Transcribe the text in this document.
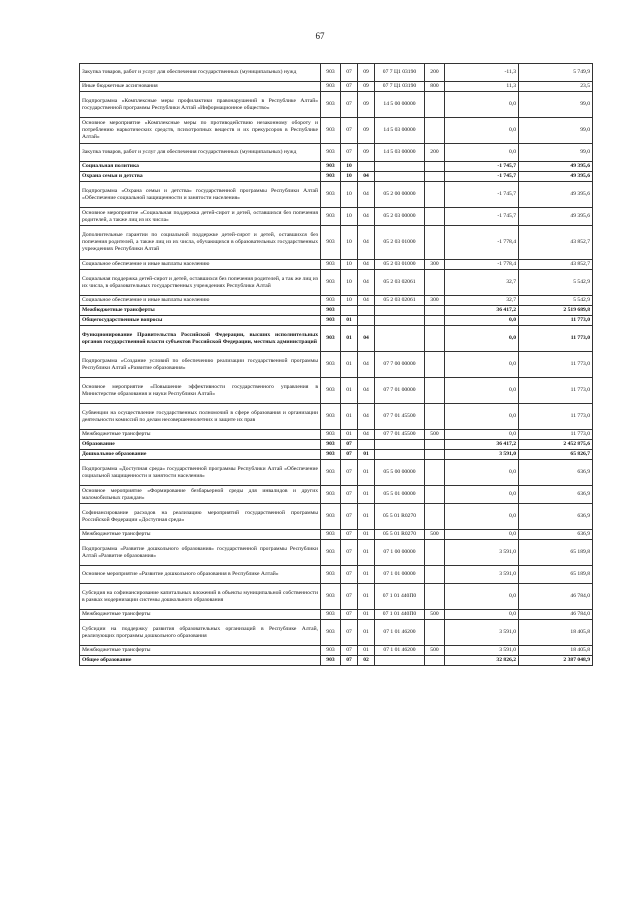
67
Закупка товаров, работ и услуг для обеспечения государственных (муниципальных) нужд	903	07	09	07 7 Ц1 03190	200	-11,3	5 749,9
Иные бюджетные ассигнования	903	07	09	07 7 Ц1 03190	800	11,3	23,5
Подпрограмма «Комплексные меры профилактики правонарушений в Республике Алтай» государственной программы Республики Алтай «Информационное общество»	903	07	09	14 5 00 00000		0,0	99,0
Основное мероприятие «Комплексные меры по противодействию незаконному обороту и потреблению наркотических средств, психотропных веществ и их прекурсоров в Республике Алтай»	903	07	09	14 5 03 00000		0,0	99,0
Закупка товаров, работ и услуг для обеспечения государственных (муниципальных) нужд	903	07	09	14 5 03 00000	200	0,0	99,0
Социальная политика	903	10				-1 745,7	49 395,6
Охрана семьи и детства	903	10	04			-1 745,7	49 395,6
Подпрограмма «Охрана семьи и детства» государственной программы Республики Алтай «Обеспечение социальной защищенности и занятости населения»	903	10	04	05 2 00 00000		-1 745,7	49 395,6
Основное мероприятие «Социальная поддержка детей-сирот и детей, оставшихся без попечения родителей, а также лиц из их числа»	903	10	04	05 2 03 00000		-1 745,7	49 395,6
Дополнительные гарантии по социальной поддержке детей-сирот и детей, оставшихся без попечения родителей, а также лиц из их числа, обучающихся в образовательных государственных учреждениях Республики Алтай	903	10	04	05 2 03 01000		-1 778,4	43 852,7
Социальное обеспечение и иные выплаты населению	903	10	04	05 2 03 01000	300	-1 778,4	43 852,7
Социальная поддержка детей-сирот и детей, оставшихся без попечения родителей, а так же лиц из их числа, в образовательных государственных учреждениях Республики Алтай	903	10	04	05 2 03 02061		32,7	5 542,9
Социальное обеспечение и иные выплаты населению	903	10	04	05 2 03 02061	300	32,7	5 542,9
Межбюджетные трансферты	903					36 417,2	2 519 689,8
Общегосударственные вопросы	903	01				0,0	11 773,0
Функционирование Правительства Российской Федерации, высших исполнительных органов государственной власти субъектов Российской Федерации, местных администраций	903	01	04			0,0	11 773,0
Подпрограмма «Создание условий по обеспечению реализации государственной программы Республики Алтай «Развитие образования»	903	01	04	07 7 00 00000		0,0	11 773,0
Основное мероприятие «Повышение эффективности государственного управления в Министерстве образования и науки Республики Алтай»	903	01	04	07 7 01 00000		0,0	11 773,0
Субвенции на осуществление государственных полномочий в сфере образования и организации деятельности комиссий по делам несовершеннолетних и защите их прав	903	01	04	07 7 01 45500		0,0	11 773,0
Межбюджетные трансферты	903	01	04	07 7 01 45500	500	0,0	11 773,0
Образование	903	07				36 417,2	2 452 875,6
Дошкольное образование	903	07	01			3 591,0	65 826,7
Подпрограмма «Доступная среда» государственной программы Республики Алтай «Обеспечение социальной защищенности и занятости населения»	903	07	01	05 5 00 00000		0,0	636,9
Основное мероприятие «Формирование безбарьерной среды для инвалидов и других маломобильных граждан»	903	07	01	05 5 01 00000		0,0	636,9
Софинансирование расходов на реализацию мероприятий государственной программы Российской Федерации «Доступная среда»	903	07	01	05 5 01 R0270		0,0	636,9
Межбюджетные трансферты	903	07	01	05 5 01 R0270	500	0,0	636,9
Подпрограмма «Развитие дошкольного образования» государственной программы Республики Алтай «Развитие образования»	903	07	01	07 1 00 00000		3 591,0	65 189,8
Основное мероприятие «Развитие дошкольного образования в Республике Алтай»	903	07	01	07 1 01 00000		3 591,0	65 189,8
Субсидия на софинансирование капитальных вложений в объекты муниципальной собственности в рамках модернизации системы дошкольного образования	903	07	01	07 1 01 440П0		0,0	46 784,0
Межбюджетные трансферты	903	07	01	07 1 01 440П0	500	0,0	46 784,0
Субсидии на поддержку развития образовательных организаций в Республике Алтай, реализующих программы дошкольного образования	903	07	01	07 1 01 46200		3 591,0	18 405,8
Межбюджетные трансферты	903	07	01	07 1 01 46200	500	3 591,0	18 405,8
Общее образование	903	07	02			32 826,2	2 387 048,9
